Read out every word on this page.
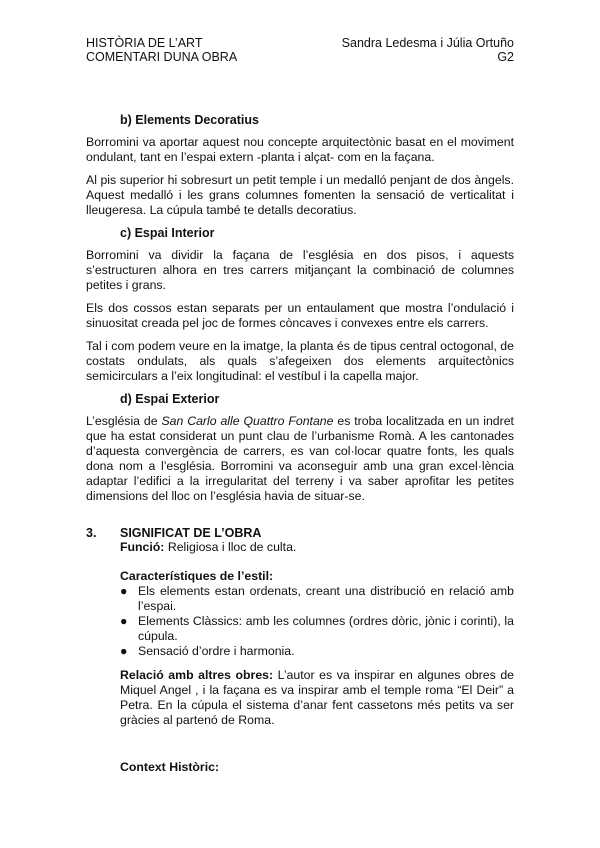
HISTÒRIA DE L’ART
COMENTARI DUNA OBRA
Sandra Ledesma i Júlia Ortuño
G2
b) Elements Decoratius

Borromini va aportar aquest nou concepte arquitectònic basat en el moviment ondulant, tant en l’espai extern -planta i alçat- com en la façana.

Al pis superior hi sobresurt un petit temple i un medalló penjant de dos àngels. Aquest medalló i les grans columnes fomenten la sensació de verticalitat i lleugeresa. La cúpula també te detalls decoratius.

c) Espai Interior

Borromini va dividir la façana de l’església en dos pisos, i aquests s’estructuren alhora en tres carrers mitjançant la combinació de columnes petites i grans.

Els dos cossos estan separats per un entaulament que mostra l’ondulació i sinuositat creada pel joc de formes còncaves i convexes entre els carrers.

Tal i com podem veure en la imatge, la planta és de tipus central octogonal, de costats ondulats, als quals s’afegeixen dos elements arquitectònics semicirculars a l’eix longitudinal: el vestíbul i la capella major.

d) Espai Exterior

L’església de San Carlo alle Quattro Fontane es troba localitzada en un indret que ha estat considerat un punt clau de l’urbanisme Romà. A les cantonades d’aquesta convergència de carrers, es van col·locar quatre fonts, les quals dona nom a l’església. Borromini va aconseguir amb una gran excel·lència adaptar l’edifici a la irregularitat del terreny i va saber aprofitar les petites dimensions del lloc on l’església havia de situar-se.

3.	SIGNIFICAT DE L’OBRA

Funció: Religiosa i lloc de culta.

Característiques de l’estil:

● Els elements estan ordenats, creant una distribució en relació amb l’espai.
● Elements Clàssics: amb les columnes (ordres dòric, jònic i corinti), la cúpula.
● Sensació d’ordre i harmonia.

Relació amb altres obres: L’autor es va inspirar en algunes obres de Miquel Angel , i la façana es va inspirar amb el temple roma “El Deir” a Petra. En la cúpula el sistema d’anar fent cassetons més petits va ser gràcies al partenó de Roma.

Context Històric:
